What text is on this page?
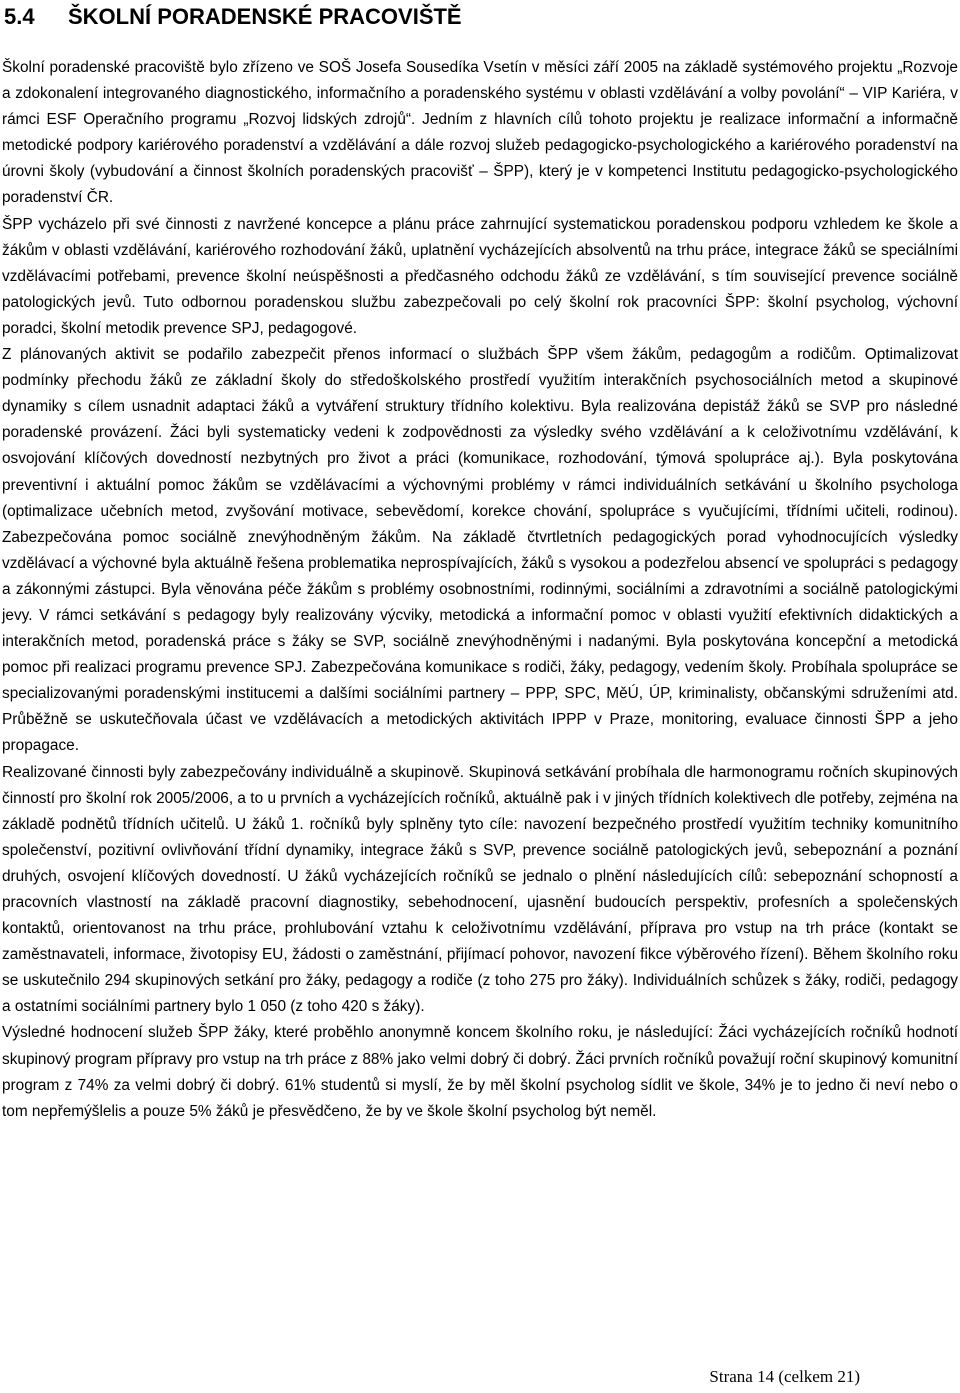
5.4 ŠKOLNÍ PORADENSKÉ PRACOVIŠTĚ

Školní poradenské pracoviště bylo zřízeno ve SOŠ Josefa Sousedíka Vsetín v měsíci září 2005 na základě systémového projektu „Rozvoje a zdokonalení integrovaného diagnostického, informačního a poradenského systému v oblasti vzdělávání a volby povolání“ – VIP Kariéra, v rámci ESF Operačního programu „Rozvoj lidských zdrojů“. Jedním z hlavních cílů tohoto projektu je realizace informační a informačně metodické podpory kariérového poradenství a vzdělávání a dále rozvoj služeb pedagogicko-psychologického a kariérového poradenství na úrovni školy (vybudování a činnost školních poradenských pracovišť – ŠPP), který je v kompetenci Institutu pedagogicko-psychologického poradenství ČR.

ŠPP vycházelo při své činnosti z navržené koncepce a plánu práce zahrnující systematickou poradenskou podporu vzhledem ke škole a žákům v oblasti vzdělávání, kariérového rozhodování žáků, uplatnění vycházejících absolventů na trhu práce, integrace žáků se speciálními vzdělávacími potřebami, prevence školní neúspěšnosti a předčasného odchodu žáků ze vzdělávání, s tím související prevence sociálně patologických jevů. Tuto odbornou poradenskou službu zabezpečovali po celý školní rok pracovníci ŠPP: školní psycholog, výchovní poradci, školní metodik prevence SPJ, pedagogové.

Z plánovaných aktivit se podařilo zabezpečit přenos informací o službách ŠPP všem žákům, pedagogům a rodičům. Optimalizovat podmínky přechodu žáků ze základní školy do středoškolského prostředí využitím interakčních psychosociálních metod a skupinové dynamiky s cílem usnadnit adaptaci žáků a vytváření struktury třídního kolektivu. Byla realizována depistáž žáků se SVP pro následné poradenské provázení. Žáci byli systematicky vedeni k zodpovědnosti za výsledky svého vzdělávání a k celoživotnímu vzdělávání, k osvojování klíčových dovedností nezbytných pro život a práci (komunikace, rozhodování, týmová spolupráce aj.). Byla poskytována preventivní i aktuální pomoc žákům se vzdělávacími a výchovnými problémy v rámci individuálních setkávání u školního psychologa (optimalizace učebních metod, zvyšování motivace, sebevědomí, korekce chování, spolupráce s vyučujícími, třídními učiteli, rodinou). Zabezpečována pomoc sociálně znevýhodněným žákům. Na základě čtvrtletních pedagogických porad vyhodnocujících výsledky vzdělávací a výchovné byla aktuálně řešena problematika neprospívajících, žáků s vysokou a podezřelou absencí ve spolupráci s pedagogy a zákonnými zástupci. Byla věnována péče žákům s problémy osobnostními, rodinnými, sociálními a zdravotními a sociálně patologickými jevy. V rámci setkávání s pedagogy byly realizovány výcviky, metodická a informační pomoc v oblasti využití efektivních didaktických a interakčních metod, poradenská práce s žáky se SVP, sociálně znevýhodněnými i nadanými. Byla poskytována koncepční a metodická pomoc při realizaci programu prevence SPJ. Zabezpečována komunikace s rodiči, žáky, pedagogy, vedením školy. Probíhala spolupráce se specializovanými poradenskými institucemi a dalšími sociálními partnery – PPP, SPC, MěÚ, ÚP, kriminalisty, občanskými sdruženími atd. Průběžně se uskutečňovala účast ve vzdělávacích a metodických aktivitách IPPP v Praze, monitoring, evaluace činnosti ŠPP a jeho propagace.

Realizované činnosti byly zabezpečovány individuálně a skupinově. Skupinová setkávání probíhala dle harmonogramu ročních skupinových činností pro školní rok 2005/2006, a to u prvních a vycházejících ročníků, aktuálně pak i v jiných třídních kolektivech dle potřeby, zejména na základě podnětů třídních učitelů. U žáků 1. ročníků byly splněny tyto cíle: navození bezpečného prostředí využitím techniky komunitního společenství, pozitivní ovlivňování třídní dynamiky, integrace žáků s SVP, prevence sociálně patologických jevů, sebepoznání a poznání druhých, osvojení klíčových dovedností. U žáků vycházejících ročníků se jednalo o plnění následujících cílů: sebepoznání schopností a pracovních vlastností na základě pracovní diagnostiky, sebehodnocení, ujasnění budoucích perspektiv, profesních a společenských kontaktů, orientovanost na trhu práce, prohlubování vztahu k celoživotnímu vzdělávání, příprava pro vstup na trh práce (kontakt se zaměstnavateli, informace, životopisy EU, žádosti o zaměstnání, přijímací pohovor, navození fikce výběrového řízení). Během školního roku se uskutečnilo 294 skupinových setkání pro žáky, pedagogy a rodiče (z toho 275 pro žáky). Individuálních schůzek s žáky, rodiči, pedagogy a ostatními sociálními partnery bylo 1 050 (z toho 420 s žáky).

Výsledné hodnocení služeb ŠPP žáky, které proběhlo anonymně koncem školního roku, je následující: Žáci vycházejících ročníků hodnotí skupinový program přípravy pro vstup na trh práce z 88% jako velmi dobrý či dobrý. Žáci prvních ročníků považují roční skupinový komunitní program z 74% za velmi dobrý či dobrý. 61% studentů si myslí, že by měl školní psycholog sídlit ve škole, 34% je to jedno či neví nebo o tom nepřemýšlelis a pouze 5% žáků je přesvědčeno, že by ve škole školní psycholog být neměl.

Strana 14 (celkem 21)
